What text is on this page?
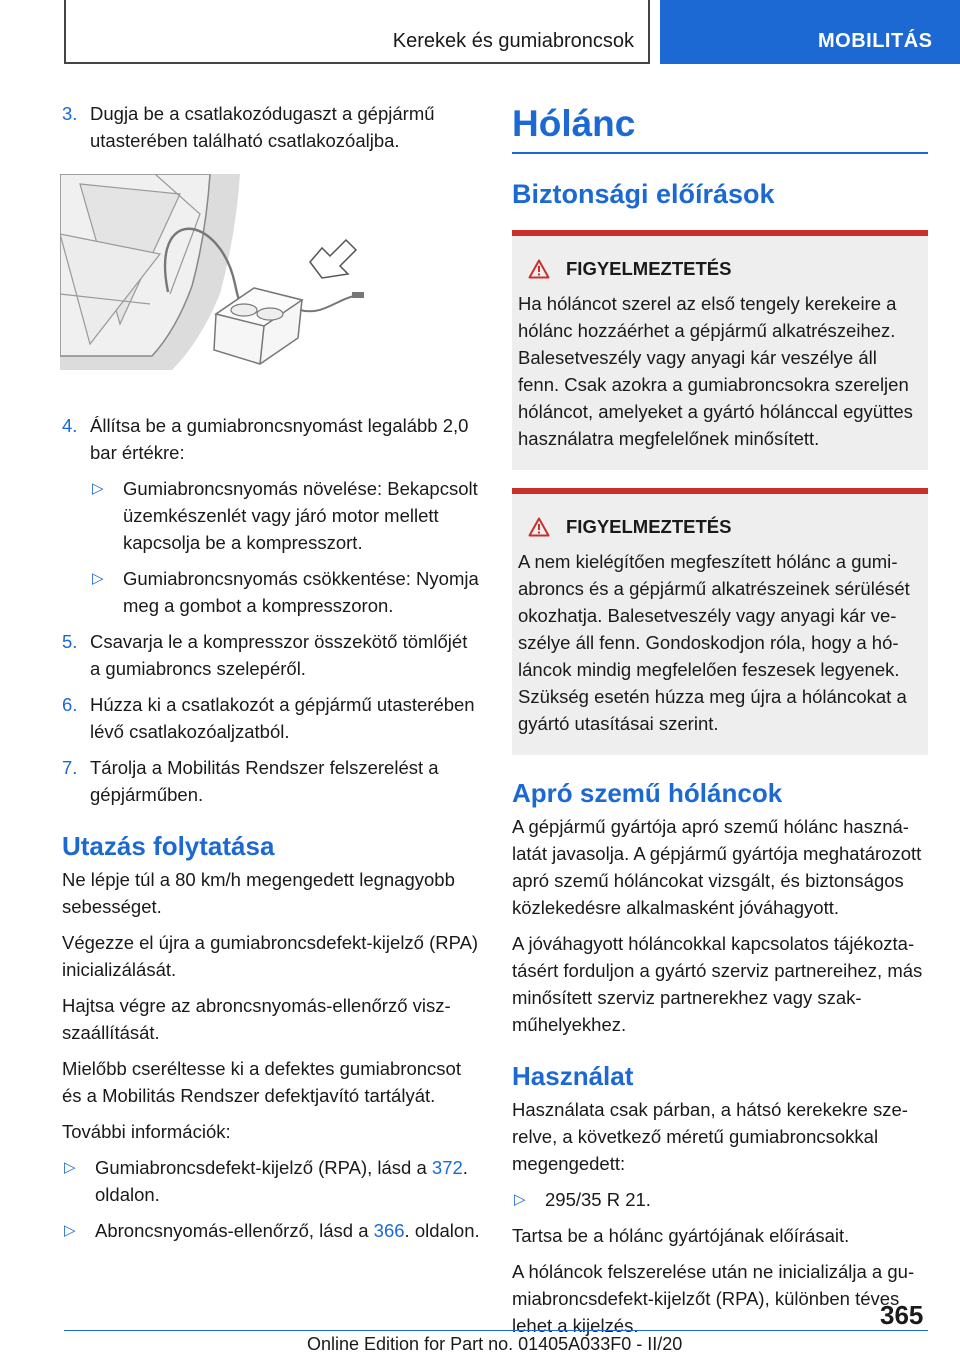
Kerekek és gumiabroncsok	MOBILITÁS
3. Dugja be a csatlakozódugaszt a gépjármű utasterében található csatlakozóaljba.
4. Állítsa be a gumiabroncsnyomást legalább 2,0 bar értékre:
▷ Gumiabroncsnyomás növelése: Bekapcsolt üzemkészenlét vagy járó motor mellett kapcsolja be a kompresszort.
▷ Gumiabroncsnyomás csökkentése: Nyomja meg a gombot a kompresszoron.
5. Csavarja le a kompresszor összekötő tömlőjét a gumiabroncs szelepéről.
6. Húzza ki a csatlakozót a gépjármű utasterében lévő csatlakozóaljzatból.
7. Tárolja a Mobilitás Rendszer felszerelést a gépjárműben.
Utazás folytatása
Ne lépje túl a 80 km/h megengedett legnagyobb sebességet.
Végezze el újra a gumiabroncsdefekt-kijelző (RPA) inicializálását.
Hajtsa végre az abroncsnyomás-ellenőrző viszszaállítását.
Mielőbb cseréltesse ki a defektes gumiabroncsot és a Mobilitás Rendszer defektjavító tartályát.
További információk:
▷ Gumiabroncsdefekt-kijelző (RPA), lásd a 372. oldalon.
▷ Abroncsnyomás-ellenőrző, lásd a 366. oldalon.
Hólánc
Biztonsági előírások
FIGYELMEZTETÉS
Ha hóláncot szerel az első tengely kerekeire a hólánc hozzáérhet a gépjármű alkatrészeihez. Balesetveszély vagy anyagi kár veszélye áll fenn. Csak azokra a gumiabroncsokra szereljen hóláncot, amelyeket a gyártó hólánccal együttes használatra megfelelőnek minősített.
FIGYELMEZTETÉS
A nem kielégítően megfeszített hólánc a gumiabroncs és a gépjármű alkatrészeinek sérülését okozhatja. Balesetveszély vagy anyagi kár veszélye áll fenn. Gondoskodjon róla, hogy a hóláncok mindig megfelelően feszesek legyenek. Szükség esetén húzza meg újra a hóláncokat a gyártó utasításai szerint.
Apró szemű hóláncok
A gépjármű gyártója apró szemű hólánc használatát javasolja. A gépjármű gyártója meghatározott apró szemű hóláncokat vizsgált, és biztonságos közlekedésre alkalmasként jóváhagyott.
A jóváhagyott hóláncokkal kapcsolatos tájékoztatásért forduljon a gyártó szerviz partnereihez, más minősített szerviz partnerekhez vagy szakműhelyekhez.
Használat
Használata csak párban, a hátsó kerekekre szerelve, a következő méretű gumiabroncsokkal megengedett:
▷ 295/35 R 21.
Tartsa be a hólánc gyártójának előírásait.
A hóláncok felszerelése után ne inicializálja a gumiabroncsdefekt-kijelzőt (RPA), különben téves lehet a kijelzés.	365
Online Edition for Part no. 01405A033F0 - II/20
